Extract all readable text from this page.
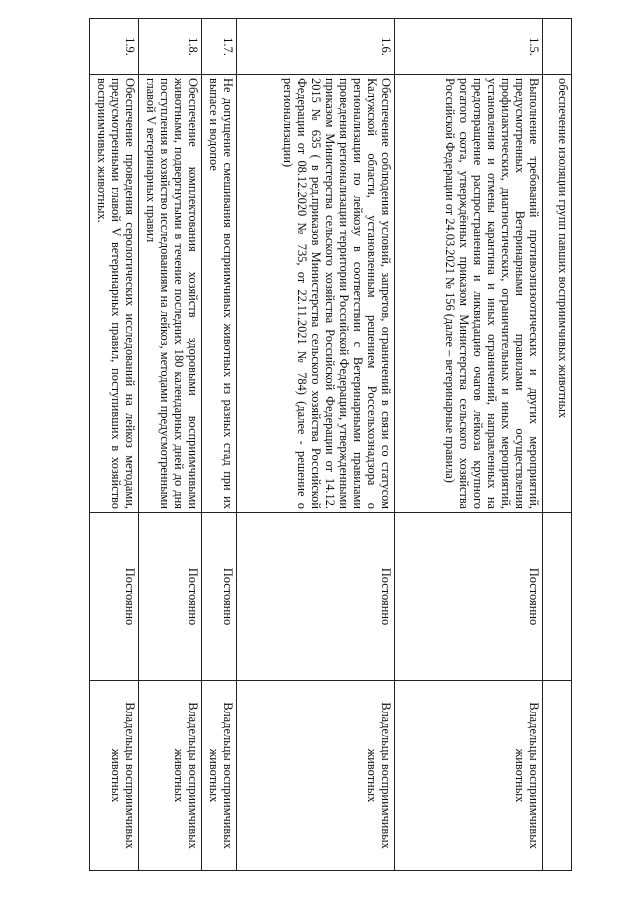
	обеспечение изоляции групп павших восприимчивых животных		
1.5.	Выполнение требований противоэпизоотических и других мероприятий, предусмотренных Ветеринарными правилами осуществления профилактических, диагностических, ограничительных и иных мероприятий, установления и отмены карантина и иных ограничений, направленных на предотвращение распространения и ликвидацию очагов лейкоза крупного рогатого скота, утверждённых приказом Министерства сельского хозяйства Российской Федерации от 24.03.2021 № 156 (далее – ветеринарные правила)	Постоянно	Владельцы восприимчивых животных
1.6.	Обеспечение соблюдения условий, запретов, ограничений в связи со статусом Калужской области, установленным решением Россельхознадзора о регионализации по лейкозу в соответствии с Ветеринарными правилами проведения регионализации территории Российской Федерации, утвержденными приказом Министерства сельского хозяйства Российской Федерации от 14.12. 2015 № 635 ( в ред.приказов Министерства сельского хозяйства Российской Федерации от 08.12.2020 № 735, от 22.11.2021 № 784) (далее - решение о регионализации)	Постоянно	Владельцы восприимчивых животных
1.7.	Не допущение смешивания восприимчивых животных из разных стад при их выпасе и водопое	Постоянно	Владельцы восприимчивых животных
1.8.	Обеспечение комплектования хозяйств здоровыми восприимчивыми животными, подвергнутыми в течение последних 180 календарных дней до дня поступления в хозяйство исследованиям на лейкоз, методами предусмотренными главой V ветеринарных правил	Постоянно	Владельцы восприимчивых животных
1.9.	Обеспечение проведения серологических исследований на лейкоз методами, предусмотренными главой V ветеринарных правил, поступивших в хозяйство восприимчивых животных.	Постоянно	Владельцы восприимчивых животных
